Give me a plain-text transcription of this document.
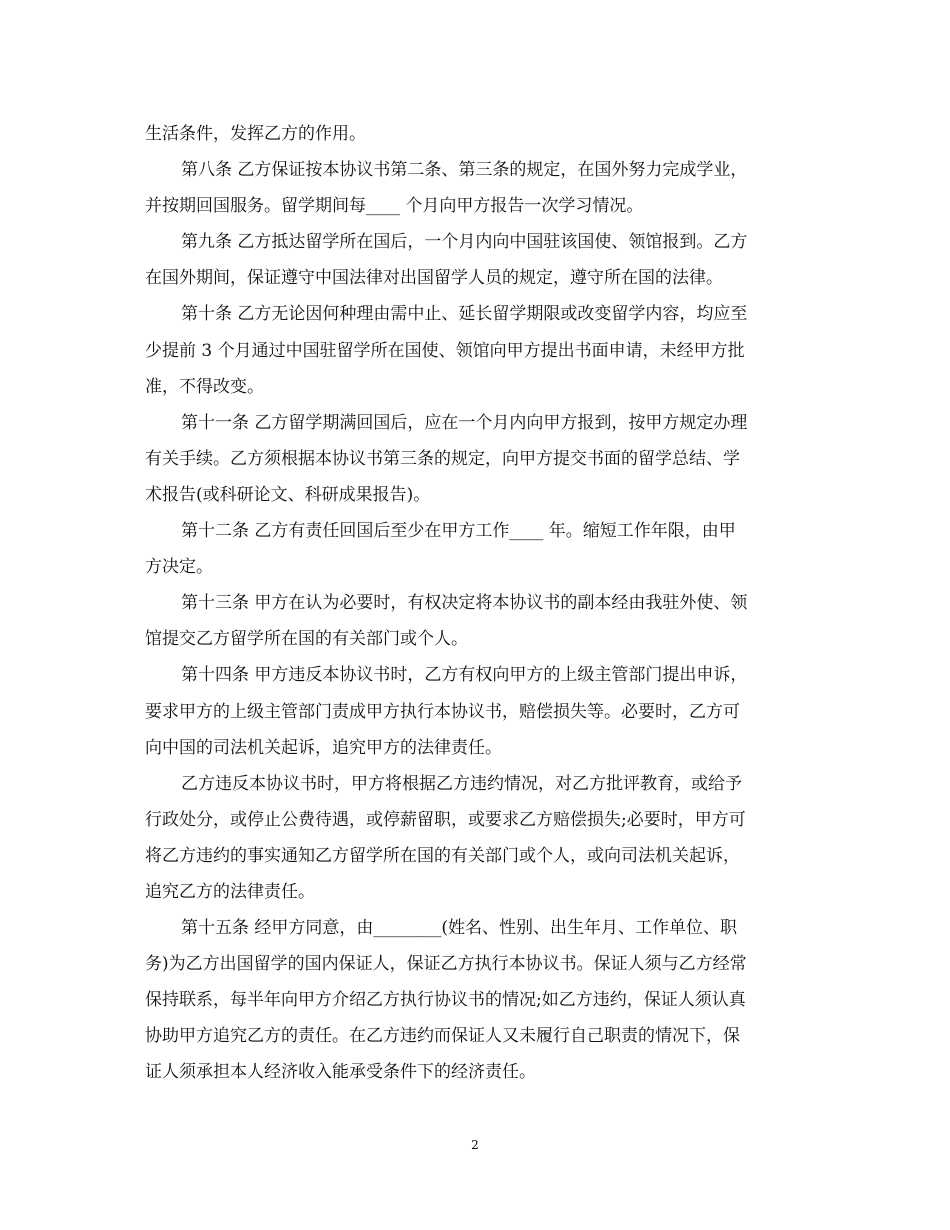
生活条件，发挥乙方的作用。
第八条 乙方保证按本协议书第二条、第三条的规定，在国外努力完成学业，
并按期回国服务。留学期间每____ 个月向甲方报告一次学习情况。
第九条 乙方抵达留学所在国后，一个月内向中国驻该国使、领馆报到。乙方
在国外期间，保证遵守中国法律对出国留学人员的规定，遵守所在国的法律。
第十条 乙方无论因何种理由需中止、延长留学期限或改变留学内容，均应至
少提前 3 个月通过中国驻留学所在国使、领馆向甲方提出书面申请，未经甲方批
准，不得改变。
第十一条 乙方留学期满回国后，应在一个月内向甲方报到，按甲方规定办理
有关手续。乙方须根据本协议书第三条的规定，向甲方提交书面的留学总结、学
术报告(或科研论文、科研成果报告)。
第十二条 乙方有责任回国后至少在甲方工作____ 年。缩短工作年限，由甲
方决定。
第十三条 甲方在认为必要时，有权决定将本协议书的副本经由我驻外使、领
馆提交乙方留学所在国的有关部门或个人。
第十四条 甲方违反本协议书时，乙方有权向甲方的上级主管部门提出申诉，
要求甲方的上级主管部门责成甲方执行本协议书，赔偿损失等。必要时，乙方可
向中国的司法机关起诉，追究甲方的法律责任。
乙方违反本协议书时，甲方将根据乙方违约情况，对乙方批评教育，或给予
行政处分，或停止公费待遇，或停薪留职，或要求乙方赔偿损失;必要时，甲方可
将乙方违约的事实通知乙方留学所在国的有关部门或个人，或向司法机关起诉，
追究乙方的法律责任。
第十五条 经甲方同意，由________(姓名、性别、出生年月、工作单位、职
务)为乙方出国留学的国内保证人，保证乙方执行本协议书。保证人须与乙方经常
保持联系，每半年向甲方介绍乙方执行协议书的情况;如乙方违约，保证人须认真
协助甲方追究乙方的责任。在乙方违约而保证人又未履行自己职责的情况下，保
证人须承担本人经济收入能承受条件下的经济责任。
2
